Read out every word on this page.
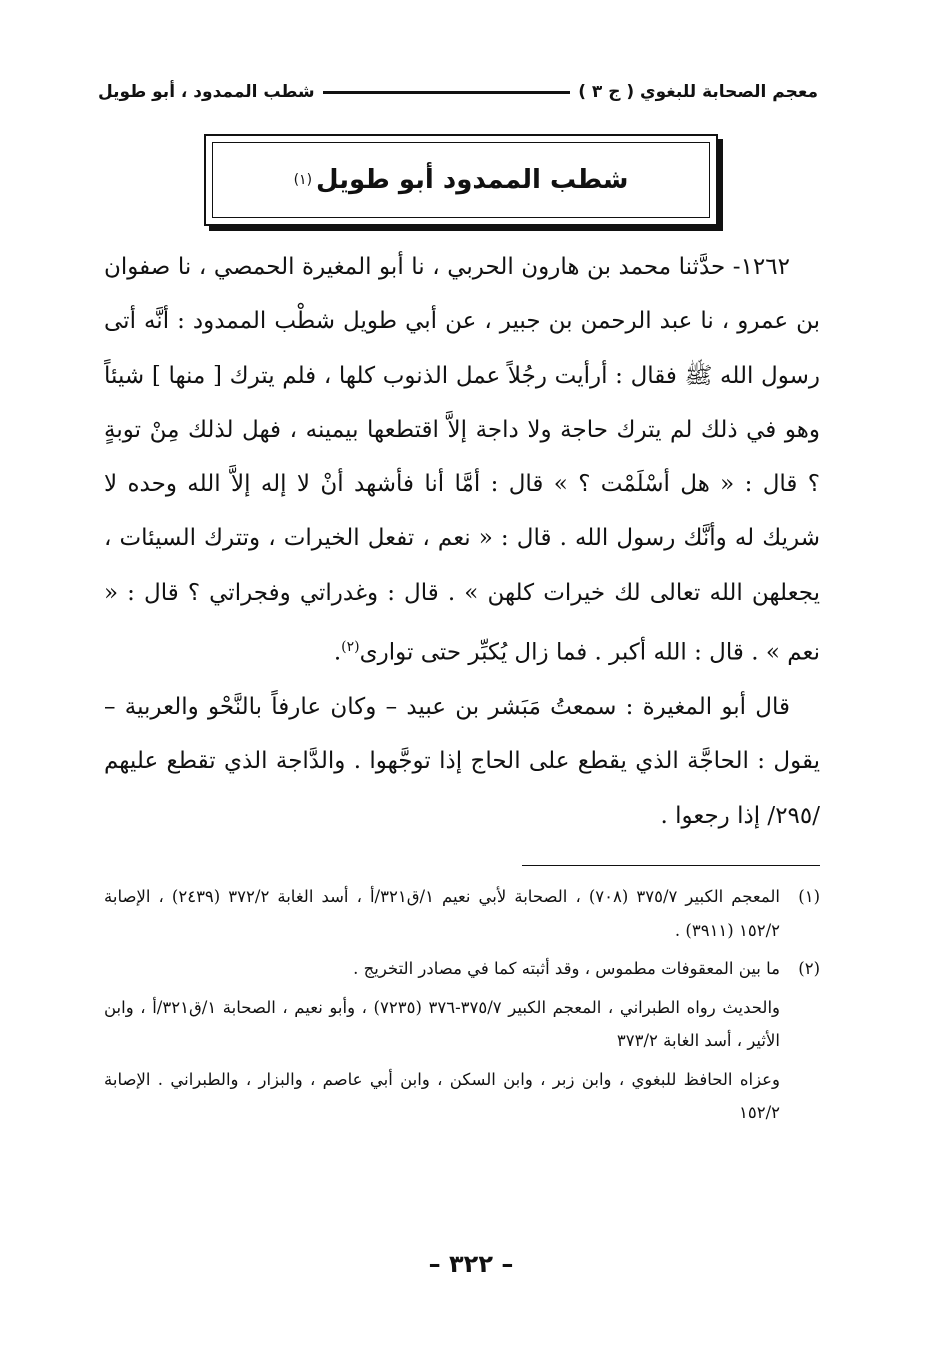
معجم الصحابة للبغوي ( ج ٣ )
شطب الممدود ، أبو طويل
شطب الممدود أبو طويل
(١)

١٢٦٢- حدَّثنا محمد بن هارون الحربي ، نا أبو المغيرة الحمصي ، نا صفوان بن عمرو ، نا عبد الرحمن بن جبير ، عن أبي طويل شطْب الممدود : أنَّه أتى رسول الله ﷺ فقال : أرأيت رجُلاً عمل الذنوب كلها ، فلم يترك [ منها ] شيئاً وهو في ذلك لم يترك حاجة ولا داجة إلاَّ اقتطعها بيمينه ، فهل لذلك مِنْ توبةٍ ؟ قال : « هل أسْلَمْت ؟ » قال : أمَّا أنا فأشهد أنْ لا إله إلاَّ الله وحده لا شريك له وأنَّك رسول الله . قال : « نعم ، تفعل الخيرات ، وتترك السيئات ، يجعلهن الله تعالى لك خيرات كلهن » . قال : وغدراتي وفجراتي ؟ قال : « نعم » . قال : الله أكبر . فما زال يُكبِّر حتى توارى$^{(٢)}$.

قال أبو المغيرة : سمعتُ مَبَشر بن عبيد – وكان عارفاً بالنَّحْو والعربية – يقول : الحاجَّة الذي يقطع على الحاج إذا توجَّهوا . والدَّاجة الذي تقطع عليهم /٢٩٥/ إذا رجعوا .

(١)
المعجم الكبير ٣٧٥/٧ (٧٠٨) ، الصحابة لأبي نعيم ١/ق٣٢١/أ ، أسد الغابة ٣٧٢/٢ (٢٤٣٩) ، الإصابة ١٥٢/٢ (٣٩١١) .
(٢)
ما بين المعقوفات مطموس ، وقد أثبته كما في مصادر التخريج .
والحديث رواه الطبراني ، المعجم الكبير ٣٧٥/٧-٣٧٦ (٧٢٣٥) ، وأبو نعيم ، الصحابة ١/ق٣٢١/أ ، وابن الأثير ، أسد الغابة ٣٧٣/٢
وعزاه الحافظ للبغوي ، وابن زبر ، وابن السكن ، وابن أبي عاصم ، والبزار ، والطبراني . الإصابة ١٥٢/٢
– ٣٢٢ –
